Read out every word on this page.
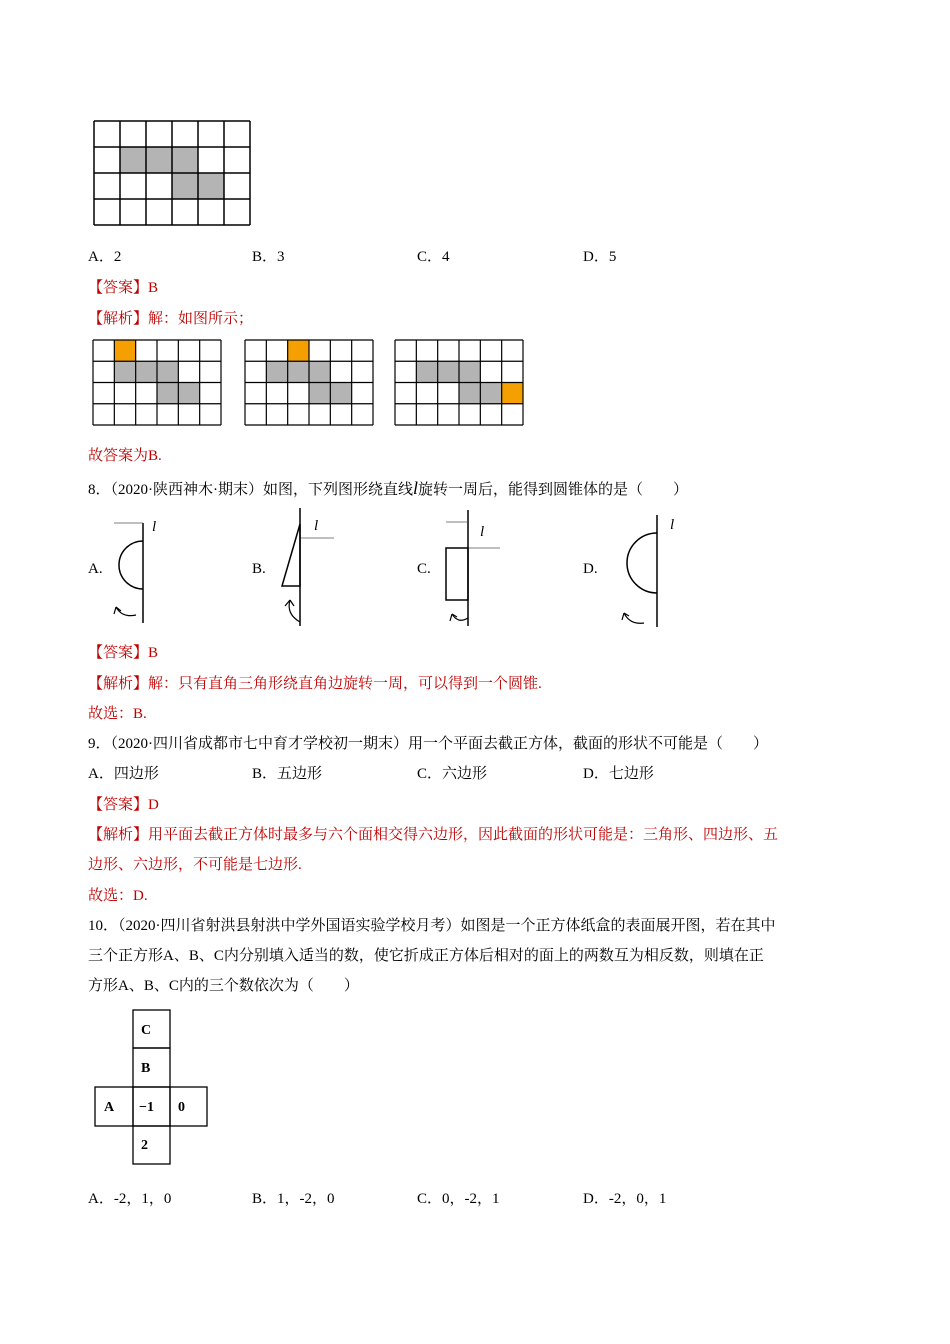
A．2	B．3	C．4	D．5
【答案】B
【解析】解：如图所示；
故答案为B.
8．（2020·陕西神木·期末）如图，下列图形绕直线l旋转一周后，能得到圆锥体的是（　　）
A.	B.	C.	D.
l	l	l	l
【答案】B
【解析】解：只有直角三角形绕直角边旋转一周，可以得到一个圆锥.
故选：B.
9．（2020·四川省成都市七中育才学校初一期末）用一个平面去截正方体，截面的形状不可能是（　　）
A．四边形	B．五边形	C．六边形	D．七边形
【答案】D
【解析】用平面去截正方体时最多与六个面相交得六边形，因此截面的形状可能是：三角形、四边形、五
边形、六边形，不可能是七边形.
故选：D.
10．（2020·四川省射洪县射洪中学外国语实验学校月考）如图是一个正方体纸盒的表面展开图，若在其中
三个正方形A、B、C内分别填入适当的数，使它折成正方体后相对的面上的两数互为相反数，则填在正
方形A、B、C内的三个数依次为（　　）
C
B
A −1 0
2
A．-2，1，0	B．1，-2，0	C．0，-2，1	D．-2，0，1
